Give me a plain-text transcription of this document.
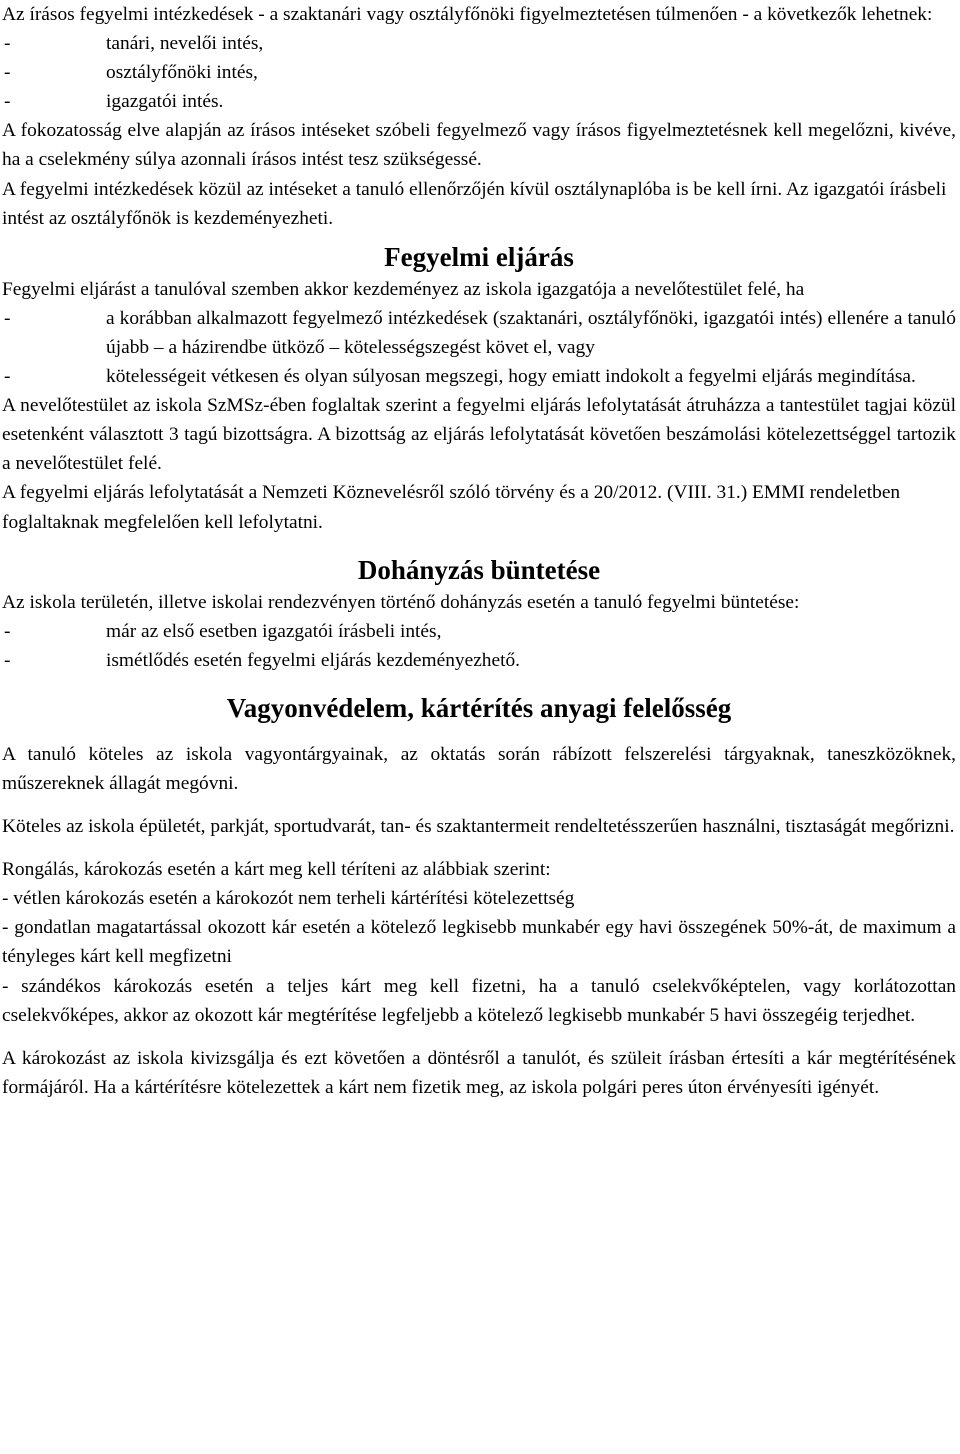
Az írásos fegyelmi intézkedések - a szaktanári vagy osztályfőnöki figyelmeztetésen túlmenően - a következők lehetnek:

-	tanári, nevelői intés,
-	osztályfőnöki intés,
-	igazgatói intés.

A fokozatosság elve alapján az írásos intéseket szóbeli fegyelmező vagy írásos figyelmeztetésnek kell megelőzni, kivéve, ha a cselekmény súlya azonnali írásos intést tesz szükségessé.

A fegyelmi intézkedések közül az intéseket a tanuló ellenőrzőjén kívül osztálynaplóba is be kell írni. Az igazgatói írásbeli intést az osztályfőnök is kezdeményezheti.

Fegyelmi eljárás

Fegyelmi eljárást a tanulóval szemben akkor kezdeményez az iskola igazgatója a nevelőtestület felé, ha

-	a korábban alkalmazott fegyelmező intézkedések (szaktanári, osztályfőnöki, igazgatói intés) ellenére a tanuló újabb – a házirendbe ütköző – kötelességszegést követ el, vagy
-	kötelességeit vétkesen és olyan súlyosan megszegi, hogy emiatt indokolt a fegyelmi eljárás megindítása.

A nevelőtestület az iskola SzMSz-ében foglaltak szerint a fegyelmi eljárás lefolytatását átruházza a tantestület tagjai közül esetenként választott 3 tagú bizottságra. A bizottság az eljárás lefolytatását követően beszámolási kötelezettséggel tartozik a nevelőtestület felé.

A fegyelmi eljárás lefolytatását a Nemzeti Köznevelésről szóló törvény és a 20/2012. (VIII. 31.) EMMI rendeletben foglaltaknak megfelelően kell lefolytatni.

Dohányzás büntetése

Az iskola területén, illetve iskolai rendezvényen történő dohányzás esetén a tanuló fegyelmi büntetése:

-	már az első esetben igazgatói írásbeli intés,
-	ismétlődés esetén fegyelmi eljárás kezdeményezhető.
Vagyonvédelem, kártérítés anyagi felelősség

A tanuló köteles az iskola vagyontárgyainak, az oktatás során rábízott felszerelési tárgyaknak, taneszközöknek, műszereknek állagát megóvni.

Köteles az iskola épületét, parkját, sportudvarát, tan- és szaktantermeit rendeltetésszerűen használni, tisztaságát megőrizni.

Rongálás, károkozás esetén a kárt meg kell téríteni az alábbiak szerint:

- vétlen károkozás esetén a károkozót nem terheli kártérítési kötelezettség

- gondatlan magatartással okozott kár esetén a kötelező legkisebb munkabér egy havi összegének 50%-át, de maximum a tényleges kárt kell megfizetni

- szándékos károkozás esetén a teljes kárt meg kell fizetni, ha a tanuló cselekvőképtelen, vagy korlátozottan cselekvőképes, akkor az okozott kár megtérítése legfeljebb a kötelező legkisebb munkabér 5 havi összegéig terjedhet.

A károkozást az iskola kivizsgálja és ezt követően a döntésről a tanulót, és szüleit írásban értesíti a kár megtérítésének formájáról. Ha a kártérítésre kötelezettek a kárt nem fizetik meg, az iskola polgári peres úton érvényesíti igényét.
